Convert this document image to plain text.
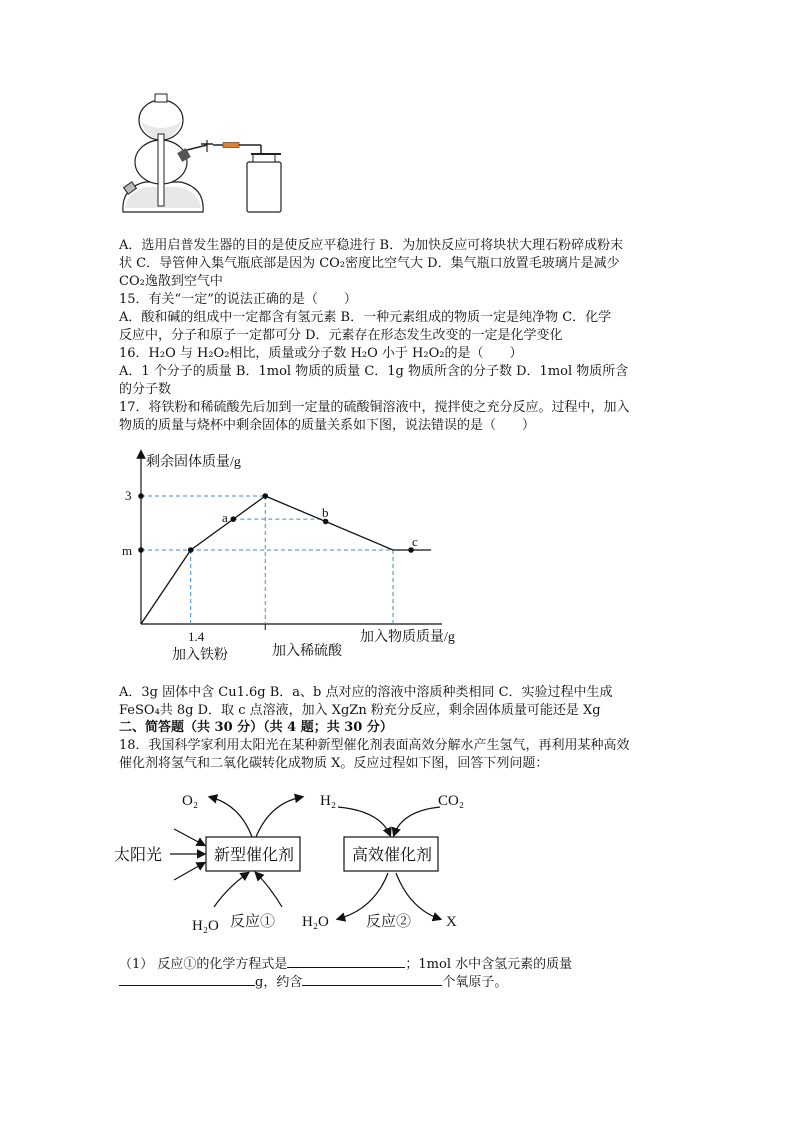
A．选用启普发生器的目的是使反应平稳进行 B．为加快反应可将块状大理石粉碎成粉末
状 C．导管伸入集气瓶底部是因为 CO₂密度比空气大 D．集气瓶口放置毛玻璃片是减少
CO₂逸散到空气中
15．有关“一定”的说法正确的是（　　）
A．酸和碱的组成中一定都含有氢元素 B．一种元素组成的物质一定是纯净物 C．化学
反应中，分子和原子一定都可分 D．元素存在形态发生改变的一定是化学变化
16．H₂O 与 H₂O₂相比，质量或分子数 H₂O 小于 H₂O₂的是（　　）
A．1 个分子的质量 B．1mol 物质的质量 C．1g 物质所含的分子数 D．1mol 物质所含
的分子数
17．将铁粉和稀硫酸先后加到一定量的硫酸铜溶液中，搅拌使之充分反应。过程中，加入
物质的质量与烧杯中剩余固体的质量关系如下图，说法错误的是（　　）
剩余固体质量/g
3
m
1.4
加入铁粉	加入稀硫酸
加入物质质量/g
a	b
c
A．3g 固体中含 Cu1.6g B．a、b 点对应的溶液中溶质种类相同 C．实验过程中生成
FeSO₄共 8g D．取 c 点溶液，加入 XgZn 粉充分反应，剩余固体质量可能还是 Xg
二、简答题（共 30 分）（共 4 题；共 30 分）
18．我国科学家利用太阳光在某种新型催化剂表面高效分解水产生氢气，再利用某种高效
催化剂将氢气和二氧化碳转化成物质 X。反应过程如下图，回答下列问题：
新型催化剂	高效催化剂
太阳光
O₂	H₂	CO₂
H₂O 反应① H₂O 反应② X
（1） 反应①的化学方程式是	；1mol 水中含氢元素的质量
g，约含	个氧原子。
